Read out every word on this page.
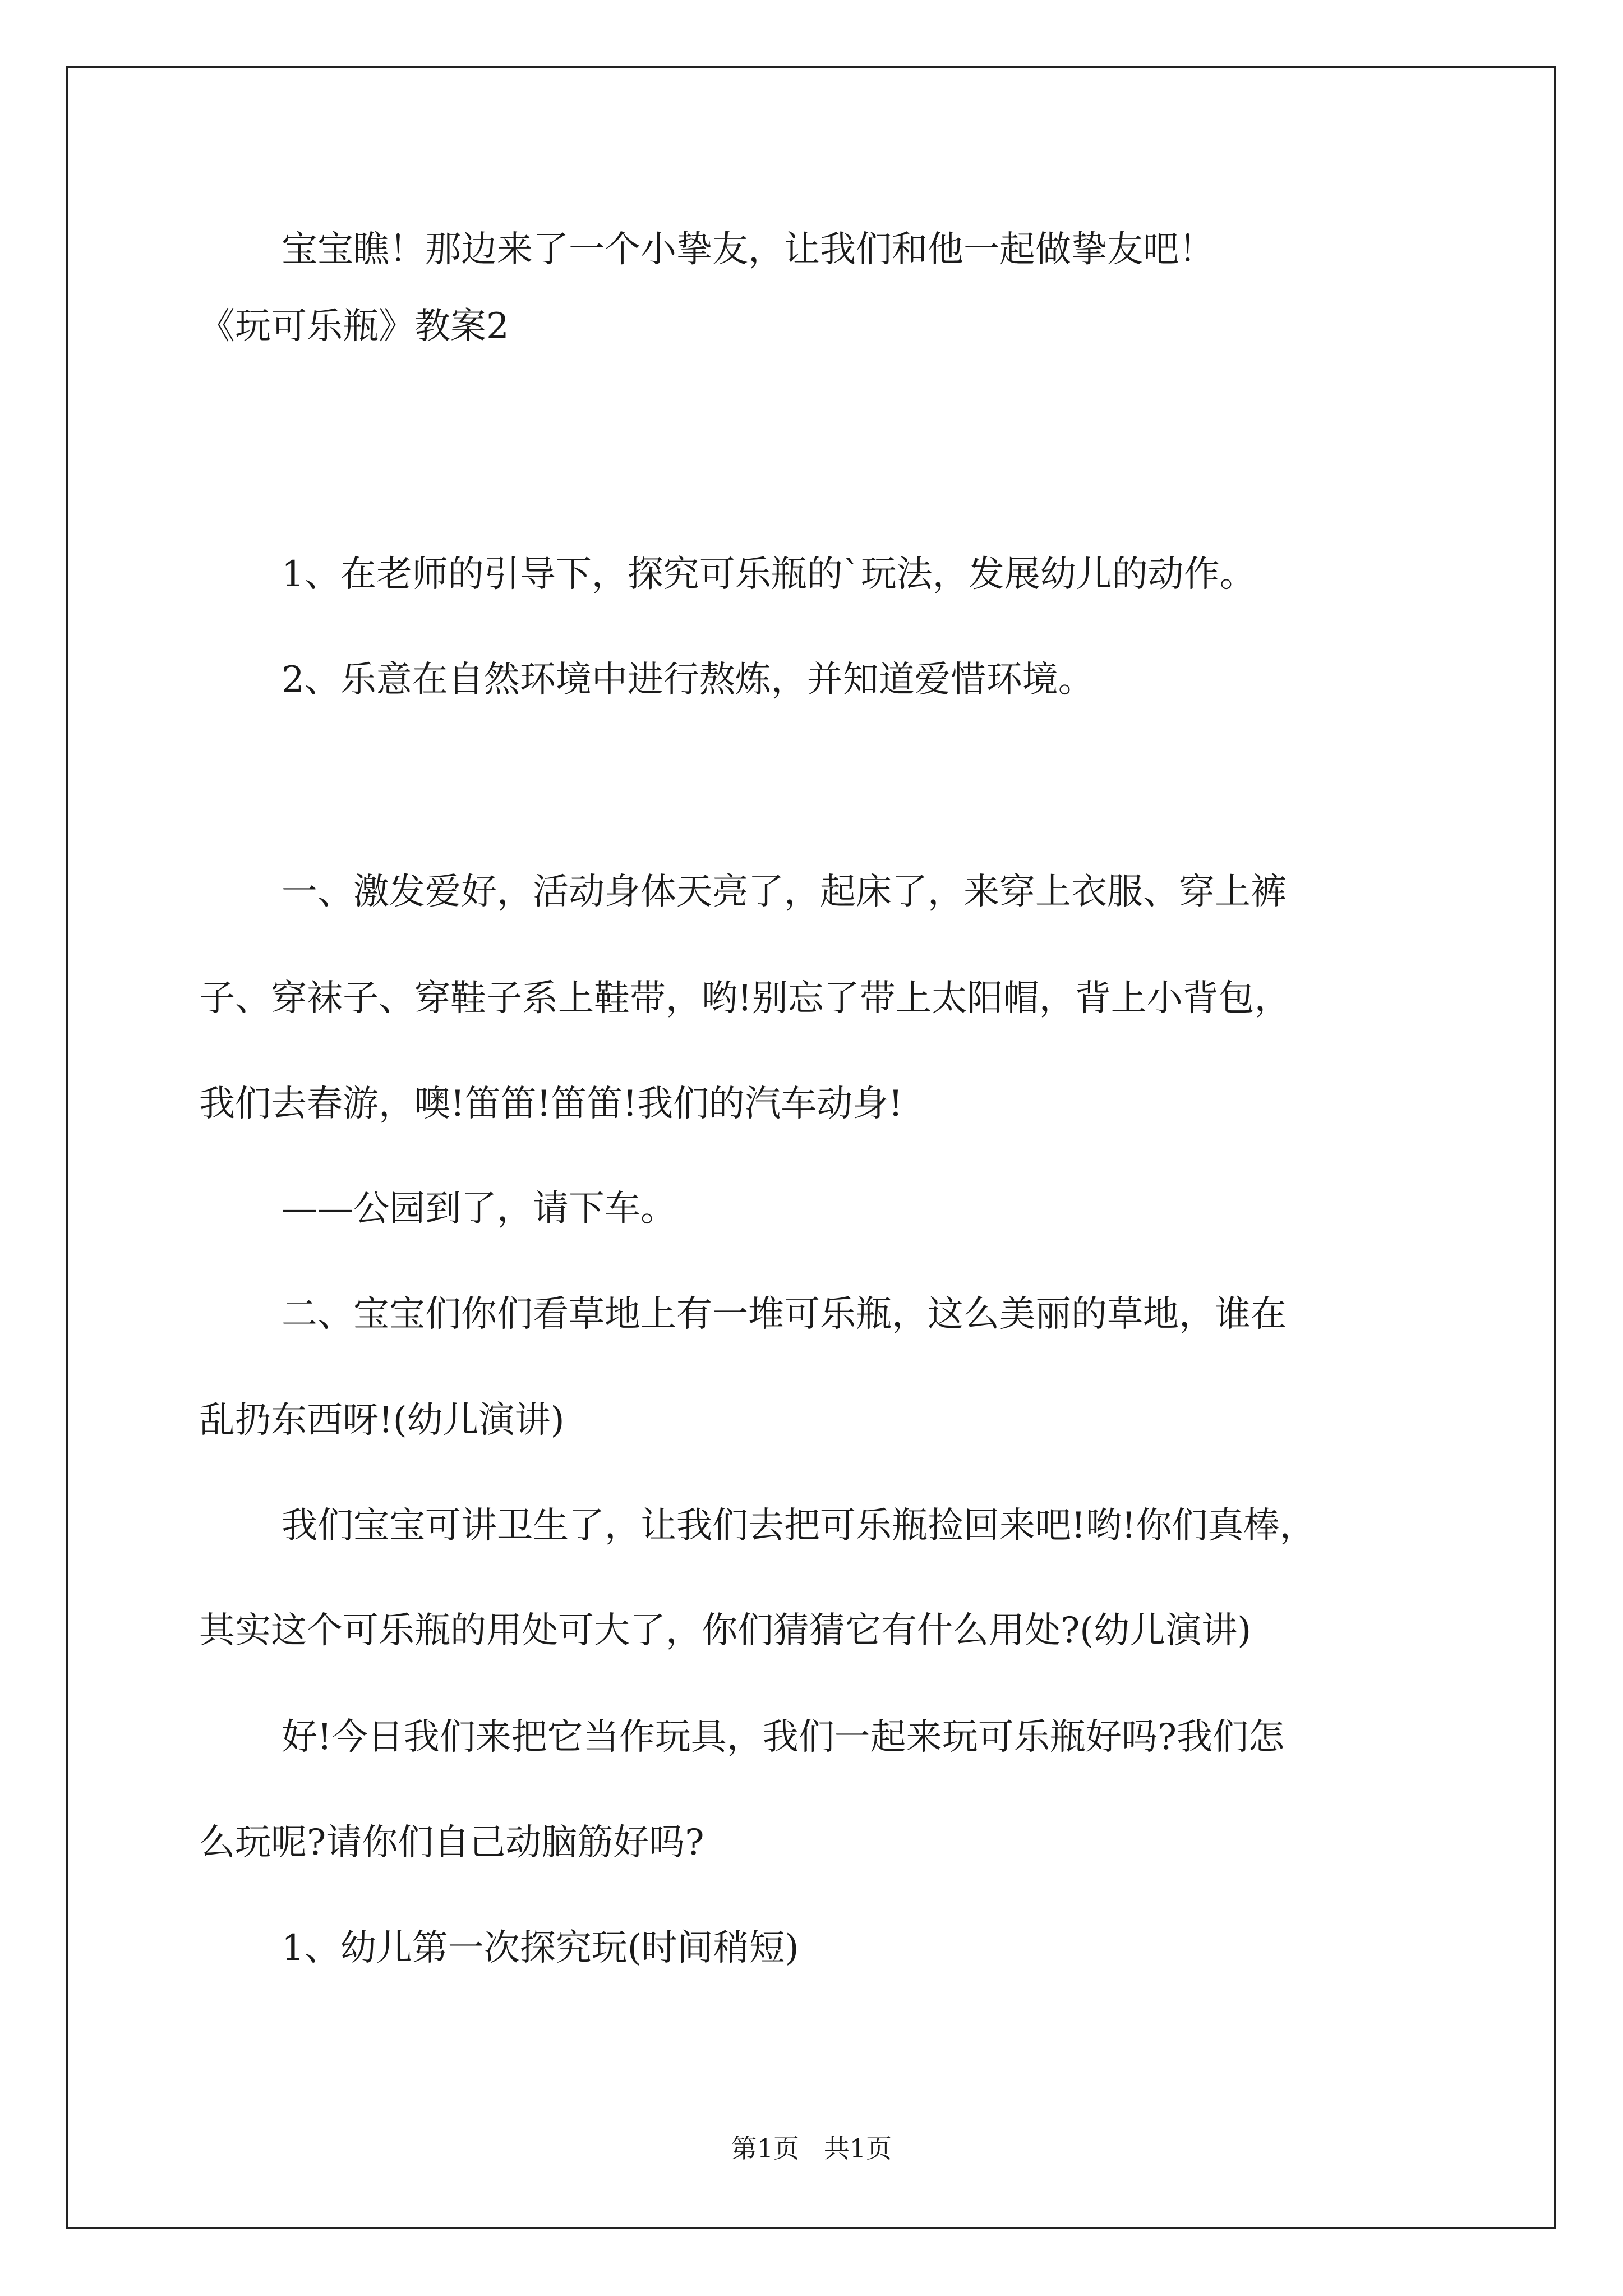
宝宝瞧！那边来了一个小挚友，让我们和他一起做挚友吧！
《玩可乐瓶》教案2
1、在老师的引导下，探究可乐瓶的`玩法，发展幼儿的动作。
2、乐意在自然环境中进行熬炼，并知道爱惜环境。
一、激发爱好，活动身体天亮了，起床了，来穿上衣服、穿上裤
子、穿袜子、穿鞋子系上鞋带，哟!别忘了带上太阳帽，背上小背包，
我们去春游，噢!笛笛!笛笛!我们的汽车动身!
——公园到了，请下车。
二、宝宝们你们看草地上有一堆可乐瓶，这么美丽的草地，谁在
乱扔东西呀!(幼儿演讲)
我们宝宝可讲卫生了，让我们去把可乐瓶捡回来吧!哟!你们真棒，
其实这个可乐瓶的用处可大了，你们猜猜它有什么用处?(幼儿演讲)
好!今日我们来把它当作玩具，我们一起来玩可乐瓶好吗?我们怎
么玩呢?请你们自己动脑筋好吗?
1、幼儿第一次探究玩(时间稍短)
第1页   共1页
